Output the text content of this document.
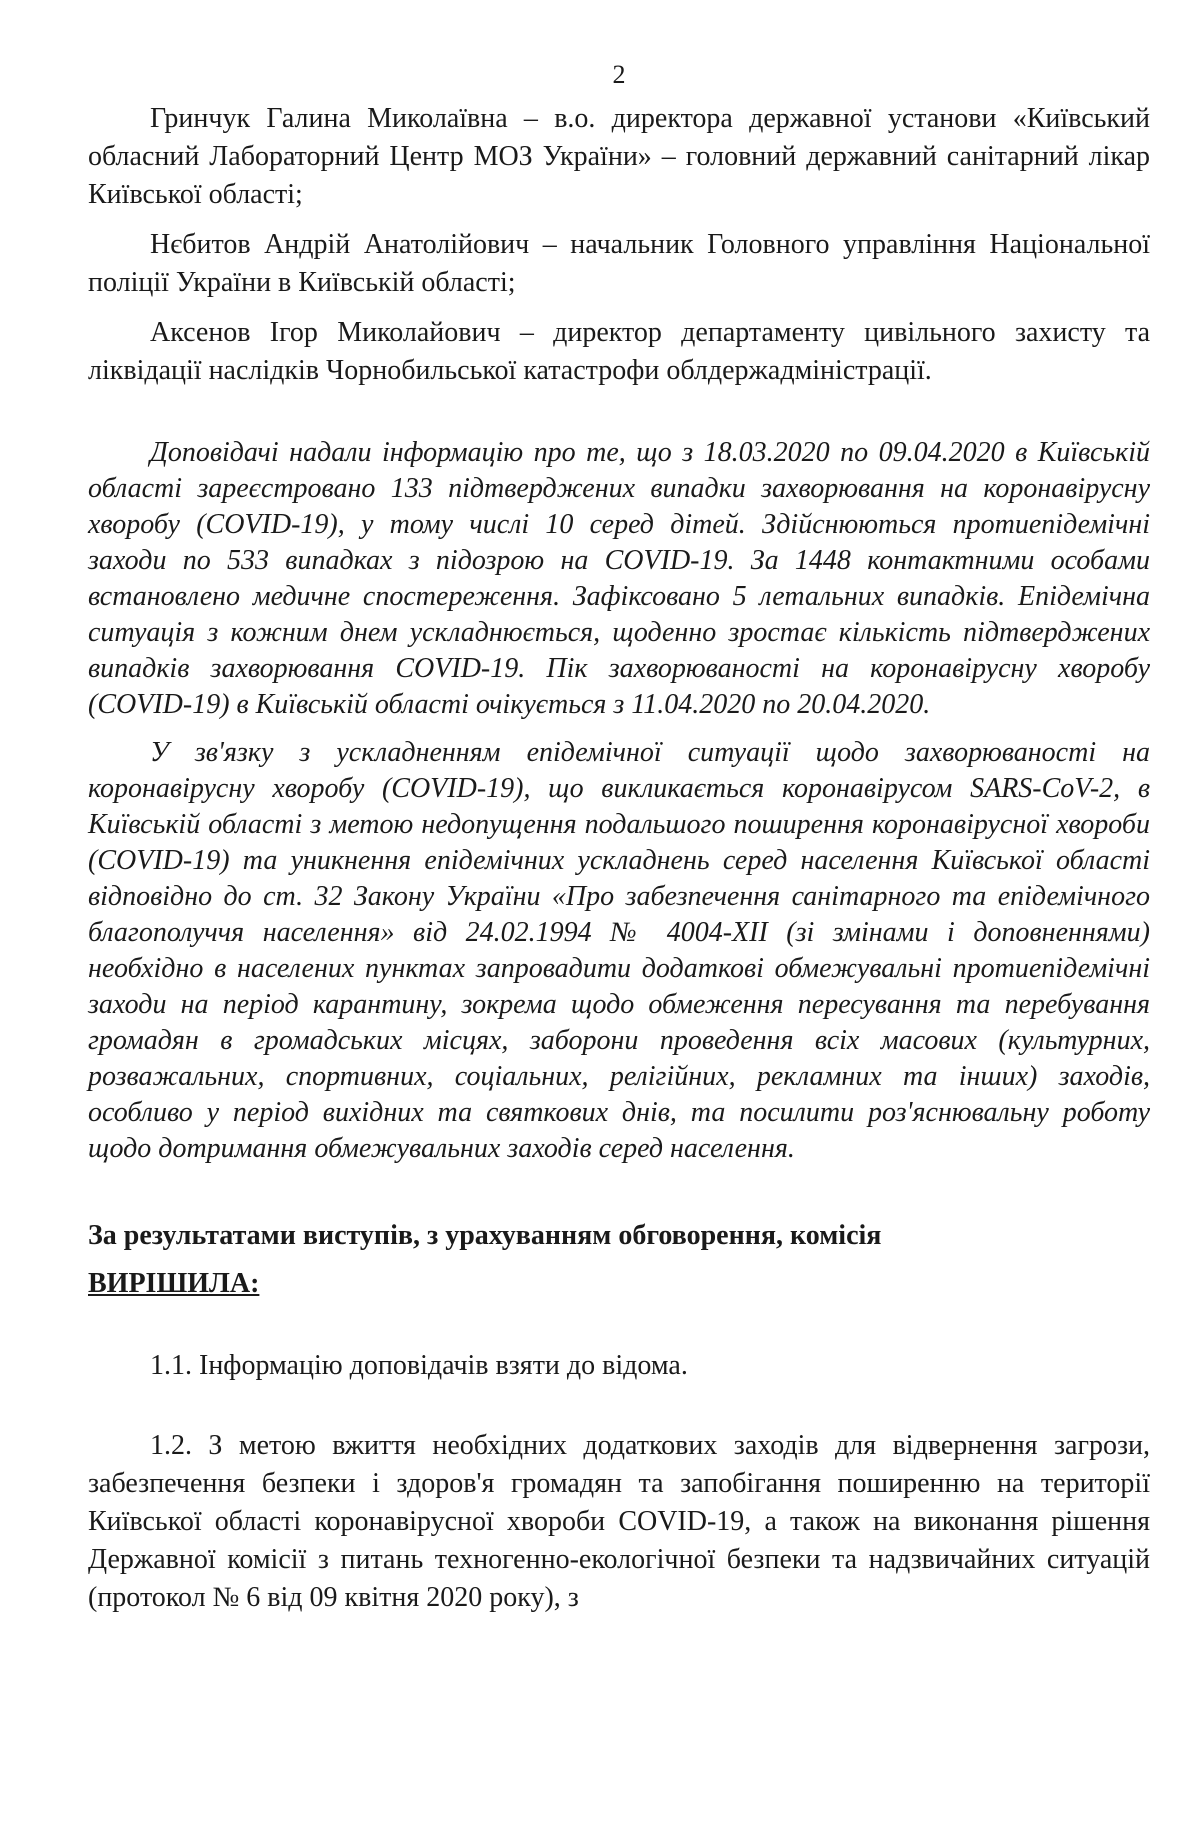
2

Гринчук Галина Миколаївна – в.о. директора державної установи «Київський обласний Лабораторний Центр МОЗ України» – головний державний санітарний лікар Київської області;

Нєбитов Андрій Анатолійович – начальник Головного управління Національної поліції України в Київській області;

Аксенов Ігор Миколайович – директор департаменту цивільного захисту та ліквідації наслідків Чорнобильської катастрофи облдержадміністрації.

Доповідачі надали інформацію про те, що з 18.03.2020 по 09.04.2020 в Київській області зареєстровано 133 підтверджених випадки захворювання на коронавірусну хворобу (COVID-19), у тому числі 10 серед дітей. Здійснюються протиепідемічні заходи по 533 випадках з підозрою на COVID-19. За 1448 контактними особами встановлено медичне спостереження. Зафіксовано 5 летальних випадків. Епідемічна ситуація з кожним днем ускладнюється, щоденно зростає кількість підтверджених випадків захворювання COVID-19. Пік захворюваності на коронавірусну хворобу (COVID-19) в Київській області очікується з 11.04.2020 по 20.04.2020.

У зв'язку з ускладненням епідемічної ситуації щодо захворюваності на коронавірусну хворобу (COVID-19), що викликається коронавірусом SARS-CoV-2, в Київській області з метою недопущення подальшого поширення коронавірусної хвороби (COVID-19) та уникнення епідемічних ускладнень серед населення Київської області відповідно до ст. 32 Закону України «Про забезпечення санітарного та епідемічного благополуччя населення» від 24.02.1994 № 4004-XII (зі змінами і доповненнями) необхідно в населених пунктах запровадити додаткові обмежувальні протиепідемічні заходи на період карантину, зокрема щодо обмеження пересування та перебування громадян в громадських місцях, заборони проведення всіх масових (культурних, розважальних, спортивних, соціальних, релігійних, рекламних та інших) заходів, особливо у період вихідних та святкових днів, та посилити роз'яснювальну роботу щодо дотримання обмежувальних заходів серед населення.

За результатами виступів, з урахуванням обговорення, комісія

ВИРІШИЛА:

1.1. Інформацію доповідачів взяти до відома.

1.2. З метою вжиття необхідних додаткових заходів для відвернення загрози, забезпечення безпеки і здоров'я громадян та запобігання поширенню на території Київської області коронавірусної хвороби COVID-19, а також на виконання рішення Державної комісії з питань техногенно-екологічної безпеки та надзвичайних ситуацій (протокол № 6 від 09 квітня 2020 року), з
